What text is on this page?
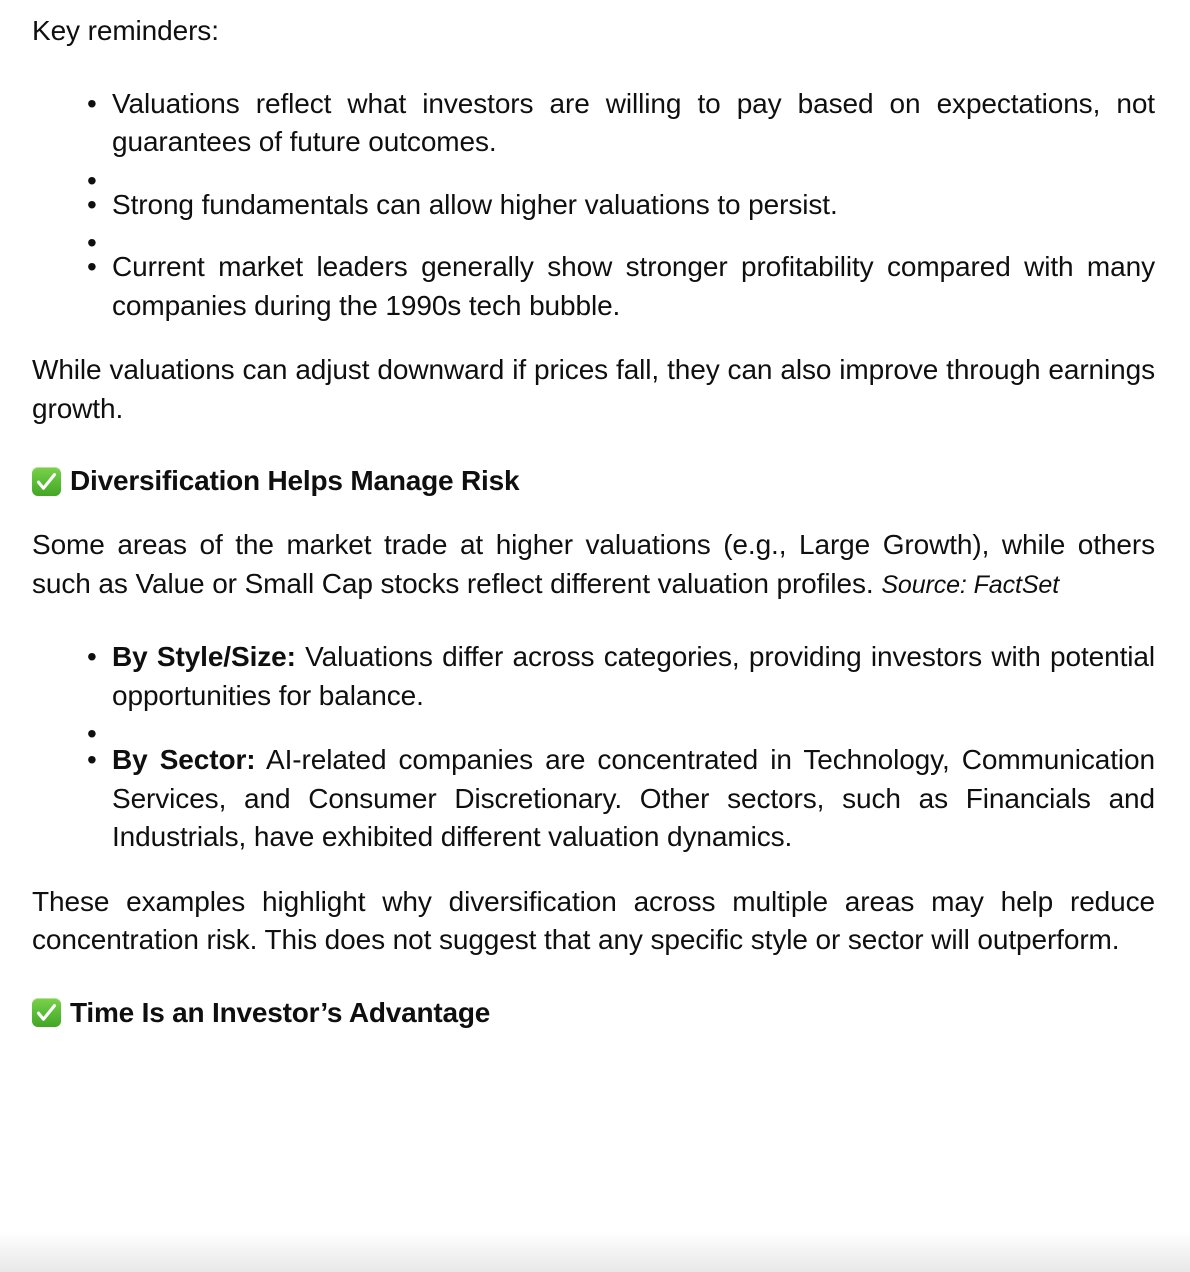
Key reminders:

• Valuations reflect what investors are willing to pay based on expectations, not guarantees of future outcomes.
•
• Strong fundamentals can allow higher valuations to persist.
•
• Current market leaders generally show stronger profitability compared with many companies during the 1990s tech bubble.

While valuations can adjust downward if prices fall, they can also improve through earnings growth.

Diversification Helps Manage Risk

Some areas of the market trade at higher valuations (e.g., Large Growth), while others such as Value or Small Cap stocks reflect different valuation profiles. Source: FactSet

• By Style/Size: Valuations differ across categories, providing investors with potential opportunities for balance.
•
• By Sector: AI-related companies are concentrated in Technology, Communication Services, and Consumer Discretionary. Other sectors, such as Financials and Industrials, have exhibited different valuation dynamics.

These examples highlight why diversification across multiple areas may help reduce concentration risk. This does not suggest that any specific style or sector will outperform.

Time Is an Investor’s Advantage
